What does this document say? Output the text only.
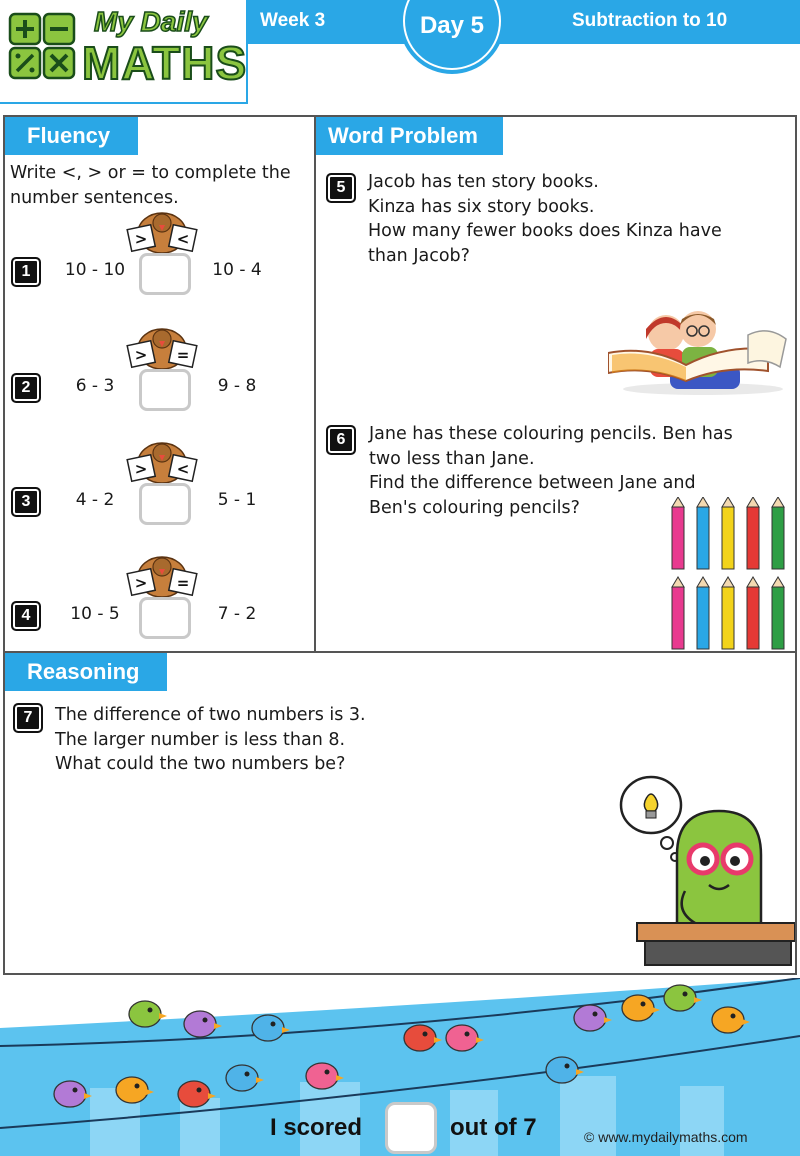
My Daily
MATHS
Week 3	Day 5	Subtraction to 10
Fluency
Write <, > or = to complete the number sentences.
1	10 - 10
> <
10 - 4
2	6 - 3
> =
9 - 8
3	4 - 2
> <
5 - 1
4	10 - 5
> =
7 - 2
Word Problem
5	Jacob has ten story books.
Kinza has six story books.
How many fewer books does Kinza have
than Jacob?
6	Jane has these colouring pencils. Ben has
two less than Jane.
Find the difference between Jane and
Ben's colouring pencils?
Reasoning
7	The difference of two numbers is 3.
The larger number is less than 8.
What could the two numbers be?
I scored	out of 7	© www.mydailymaths.com
